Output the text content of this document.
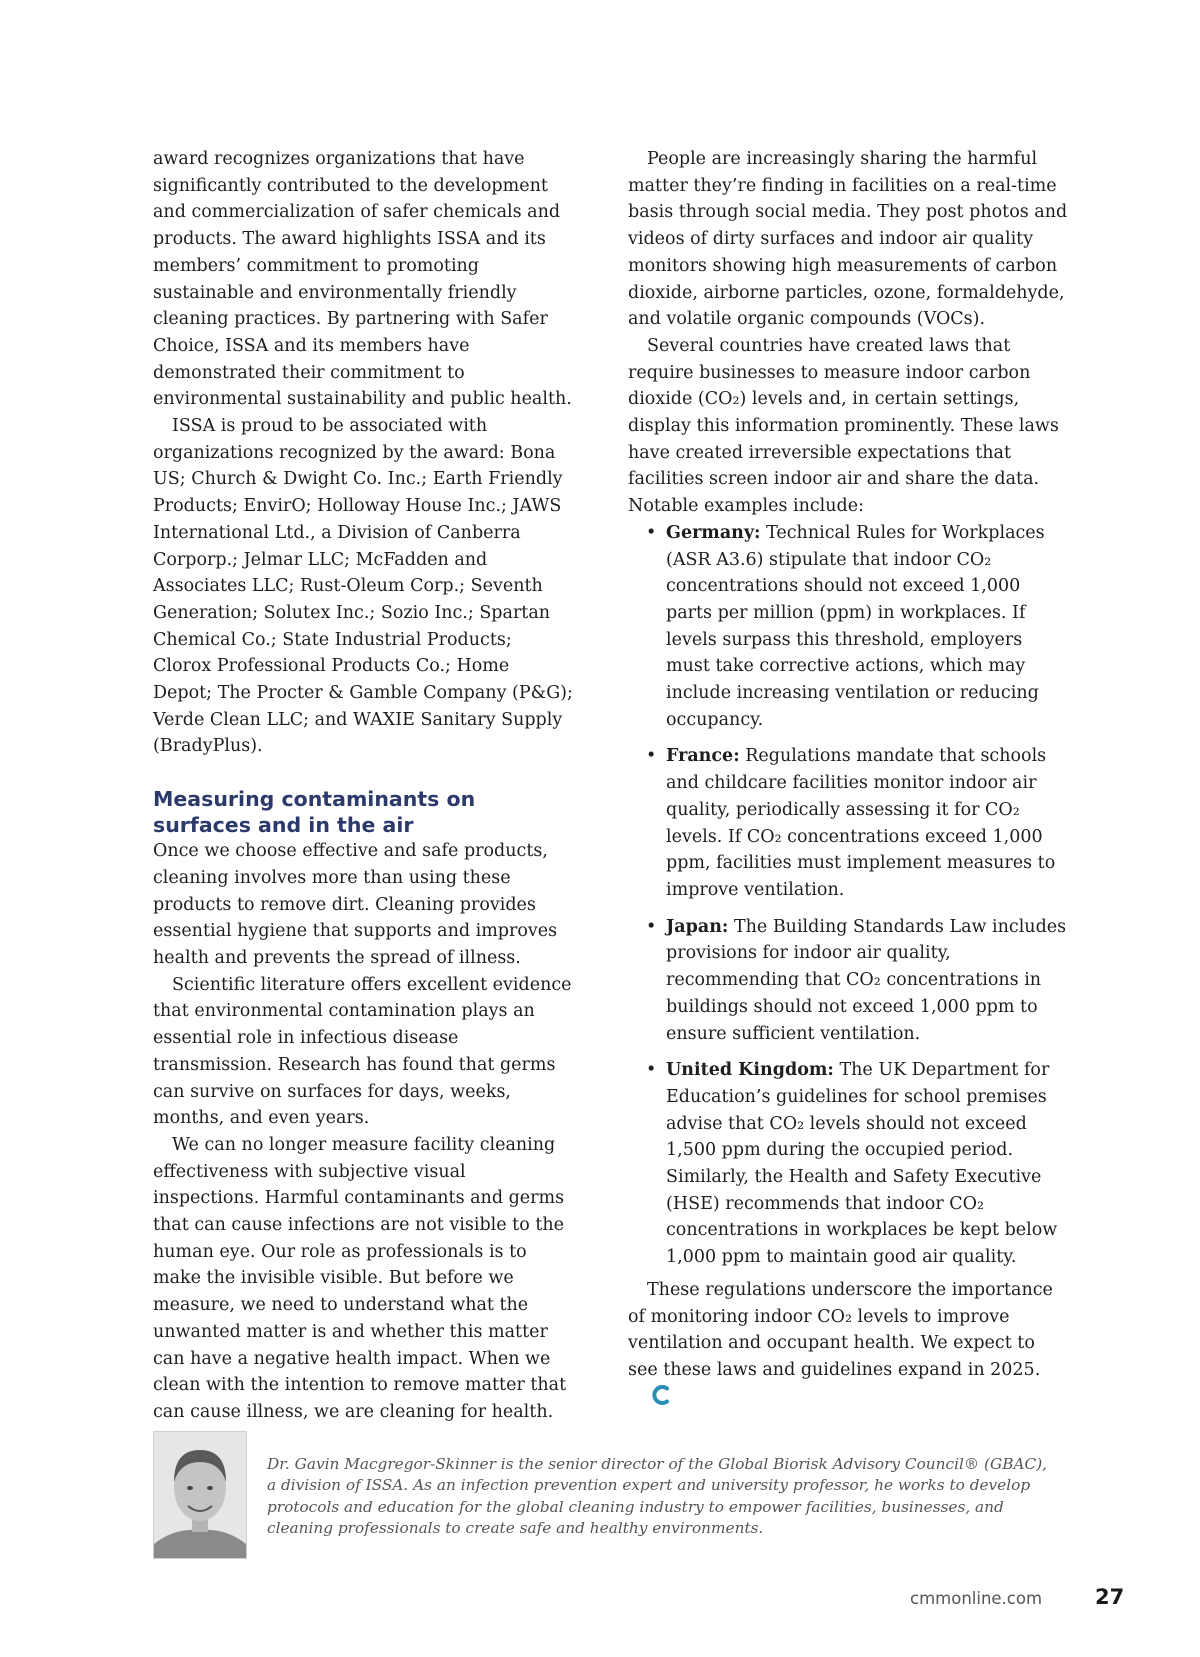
award recognizes organizations that have significantly contributed to the development and commercialization of safer chemicals and products. The award highlights ISSA and its members’ commitment to promoting sustainable and environmentally friendly cleaning practices. By partnering with Safer Choice, ISSA and its members have demonstrated their commitment to environmental sustainability and public health.

ISSA is proud to be associated with organizations recognized by the award: Bona US; Church & Dwight Co. Inc.; Earth Friendly Products; EnvirO; Holloway House Inc.; JAWS International Ltd., a Division of Canberra Corporp.; Jelmar LLC; McFadden and Associates LLC; Rust-Oleum Corp.; Seventh Generation; Solutex Inc.; Sozio Inc.; Spartan Chemical Co.; State Industrial Products; Clorox Professional Products Co.; Home Depot; The Procter & Gamble Company (P&G); Verde Clean LLC; and WAXIE Sanitary Supply (BradyPlus).

Measuring contaminants on surfaces and in the air

Once we choose effective and safe products, cleaning involves more than using these products to remove dirt. Cleaning provides essential hygiene that supports and improves health and prevents the spread of illness.

Scientific literature offers excellent evidence that environmental contamination plays an essential role in infectious disease transmission. Research has found that germs can survive on surfaces for days, weeks, months, and even years.

We can no longer measure facility cleaning effectiveness with subjective visual inspections. Harmful contaminants and germs that can cause infections are not visible to the human eye. Our role as professionals is to make the invisible visible. But before we measure, we need to understand what the unwanted matter is and whether this matter can have a negative health impact. When we clean with the intention to remove matter that can cause illness, we are cleaning for health.

People are increasingly sharing the harmful matter they’re finding in facilities on a real-time basis through social media. They post photos and videos of dirty surfaces and indoor air quality monitors showing high measurements of carbon dioxide, airborne particles, ozone, formaldehyde, and volatile organic compounds (VOCs).

Several countries have created laws that require businesses to measure indoor carbon dioxide (CO₂) levels and, in certain settings, display this information prominently. These laws have created irreversible expectations that facilities screen indoor air and share the data. Notable examples include:

• Germany: Technical Rules for Workplaces (ASR A3.6) stipulate that indoor CO₂ concentrations should not exceed 1,000 parts per million (ppm) in workplaces. If levels surpass this threshold, employers must take corrective actions, which may include increasing ventilation or reducing occupancy.
• France: Regulations mandate that schools and childcare facilities monitor indoor air quality, periodically assessing it for CO₂ levels. If CO₂ concentrations exceed 1,000 ppm, facilities must implement measures to improve ventilation.
• Japan: The Building Standards Law includes provisions for indoor air quality, recommending that CO₂ concentrations in buildings should not exceed 1,000 ppm to ensure sufficient ventilation.
• United Kingdom: The UK Department for Education’s guidelines for school premises advise that CO₂ levels should not exceed 1,500 ppm during the occupied period. Similarly, the Health and Safety Executive (HSE) recommends that indoor CO₂ concentrations in workplaces be kept below 1,000 ppm to maintain good air quality.

These regulations underscore the importance of monitoring indoor CO₂ levels to improve ventilation and occupant health. We expect to see these laws and guidelines expand in 2025.

Dr. Gavin Macgregor-Skinner is the senior director of the Global Biorisk Advisory Council® (GBAC), a division of ISSA. As an infection prevention expert and university professor, he works to develop protocols and education for the global cleaning industry to empower facilities, businesses, and cleaning professionals to create safe and healthy environments.
cmmonline.com	27
